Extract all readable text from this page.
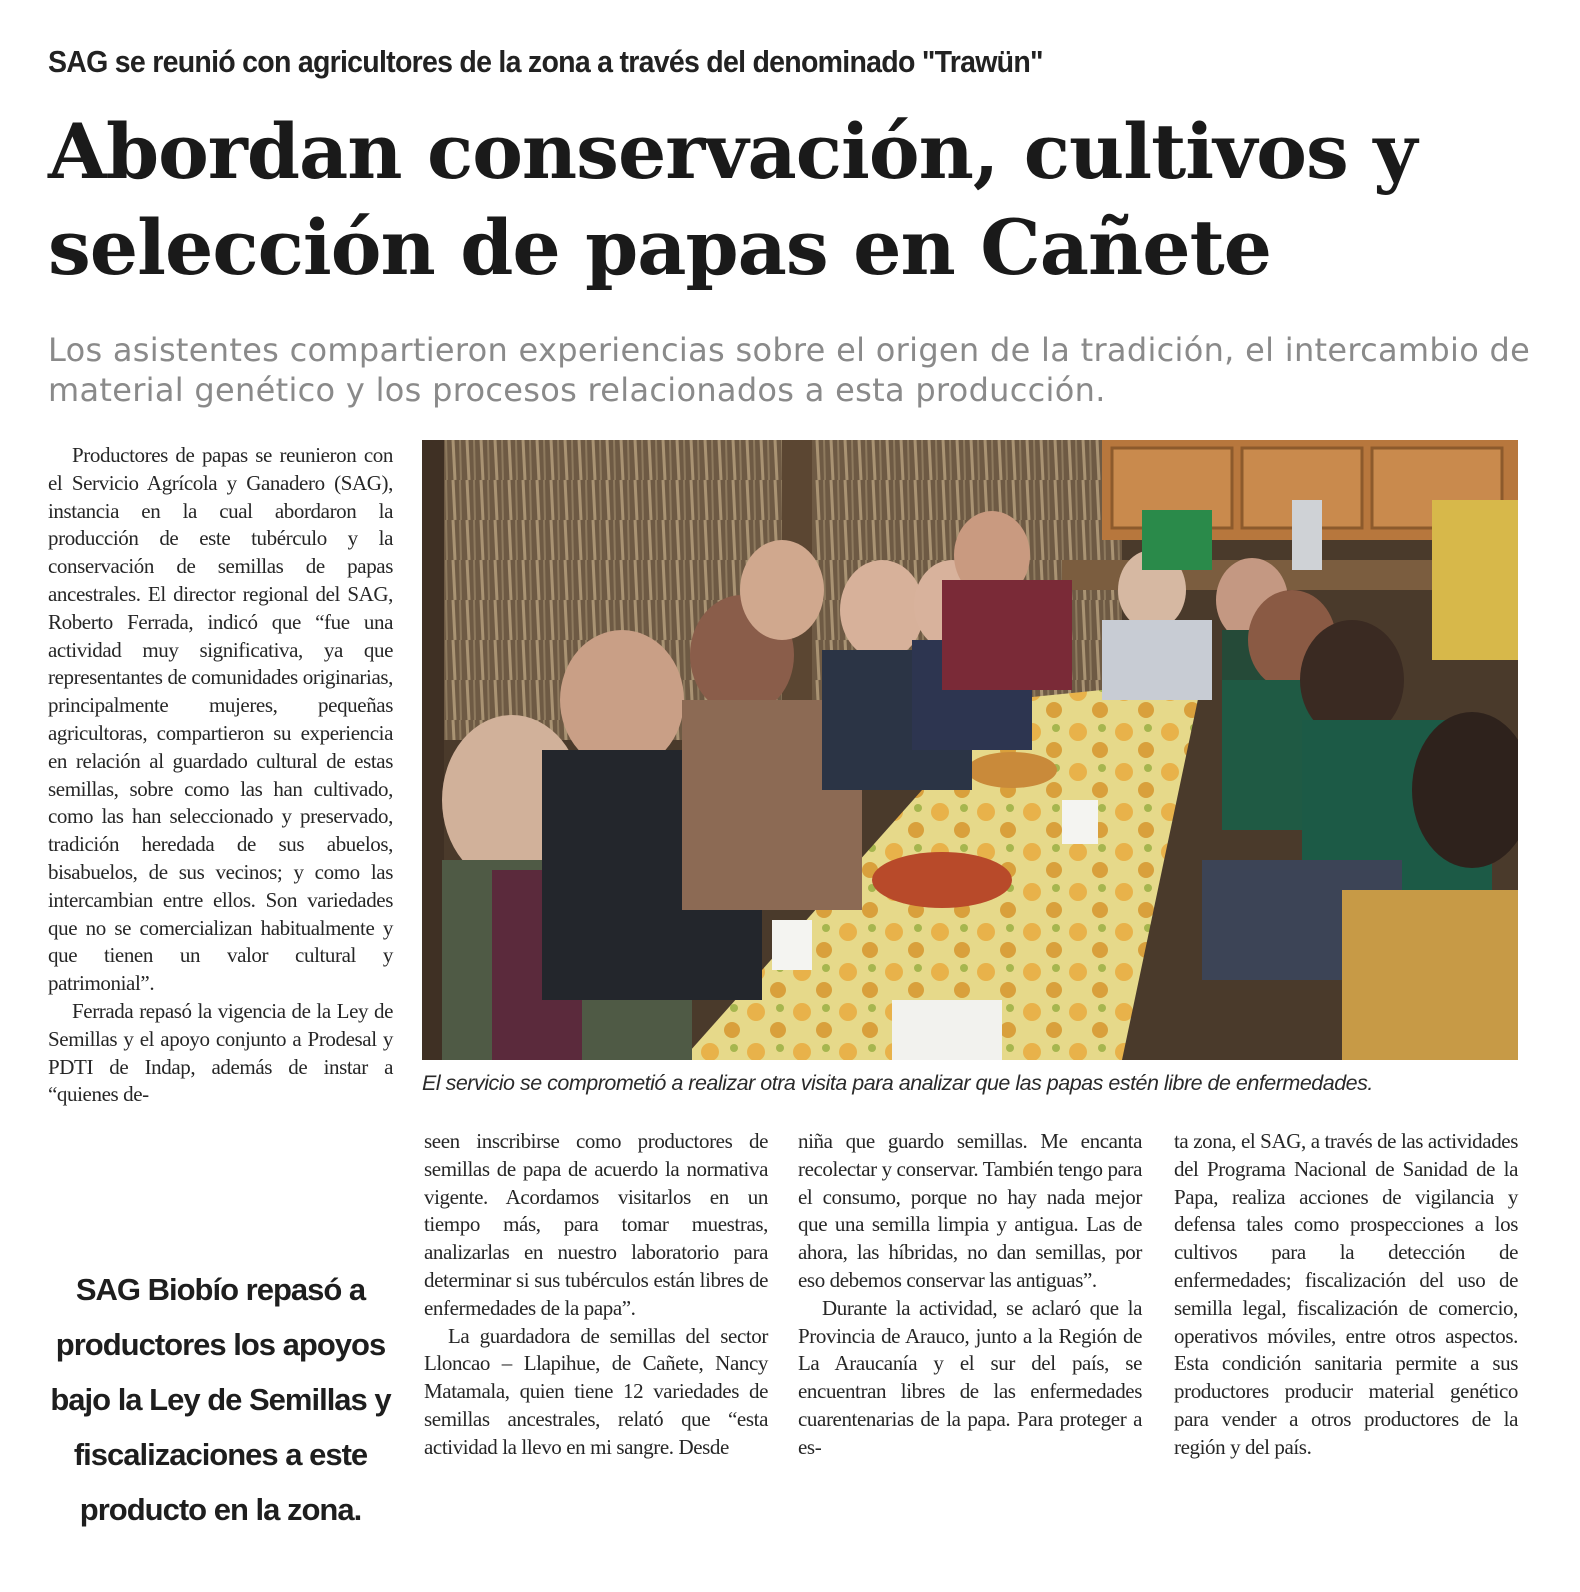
SAG se reunió con agricultores de la zona a través del denominado "Trawün"
Abordan conservación, cultivos y
selección de papas en Cañete
Los asistentes compartieron experiencias sobre el origen de la tradición, el intercambio de
material genético y los procesos relacionados a esta producción.

Productores de papas se reunieron con el Servicio Agrícola y Ganadero (SAG), instancia en la cual abordaron la producción de este tubérculo y la conservación de semillas de papas ancestrales. El director regional del SAG, Roberto Ferrada, indicó que “fue una actividad muy significativa, ya que representantes de comunidades originarias, principalmente mujeres, pequeñas agricultoras, compartieron su experiencia en relación al guardado cultural de estas semillas, sobre como las han cultivado, como las han seleccionado y preservado, tradición heredada de sus abuelos, bisabuelos, de sus vecinos; y como las intercambian entre ellos. Son variedades que no se comercializan habitualmente y que tienen un valor cultural y patrimonial”.

Ferrada repasó la vigencia de la Ley de Semillas y el apoyo conjunto a Prodesal y PDTI de Indap, además de instar a “quienes de-	El servicio se comprometió a realizar otra visita para analizar que las papas estén libre de enfermedades.
SAG Biobío repasó a
productores los apoyos
bajo la Ley de Semillas y
fiscalizaciones a este
producto en la zona.

seen inscribirse como productores de semillas de papa de acuerdo la normativa vigente. Acordamos visitarlos en un tiempo más, para tomar muestras, analizarlas en nuestro laboratorio para determinar si sus tubérculos están libres de enfermedades de la papa”.

La guardadora de semillas del sector Lloncao – Llapihue, de Cañete, Nancy Matamala, quien tiene 12 variedades de semillas ancestrales, relató que “esta actividad la llevo en mi sangre. Desde

niña que guardo semillas. Me encanta recolectar y conservar. También tengo para el consumo, porque no hay nada mejor que una semilla limpia y antigua. Las de ahora, las híbridas, no dan semillas, por eso debemos conservar las antiguas”.

Durante la actividad, se aclaró que la Provincia de Arauco, junto a la Región de La Araucanía y el sur del país, se encuentran libres de las enfermedades cuarentenarias de la papa. Para proteger a es-

ta zona, el SAG, a través de las actividades del Programa Nacional de Sanidad de la Papa, realiza acciones de vigilancia y defensa tales como prospecciones a los cultivos para la detección de enfermedades; fiscalización del uso de semilla legal, fiscalización de comercio, operativos móviles, entre otros aspectos. Esta condición sanitaria permite a sus productores producir material genético para vender a otros productores de la región y del país.
